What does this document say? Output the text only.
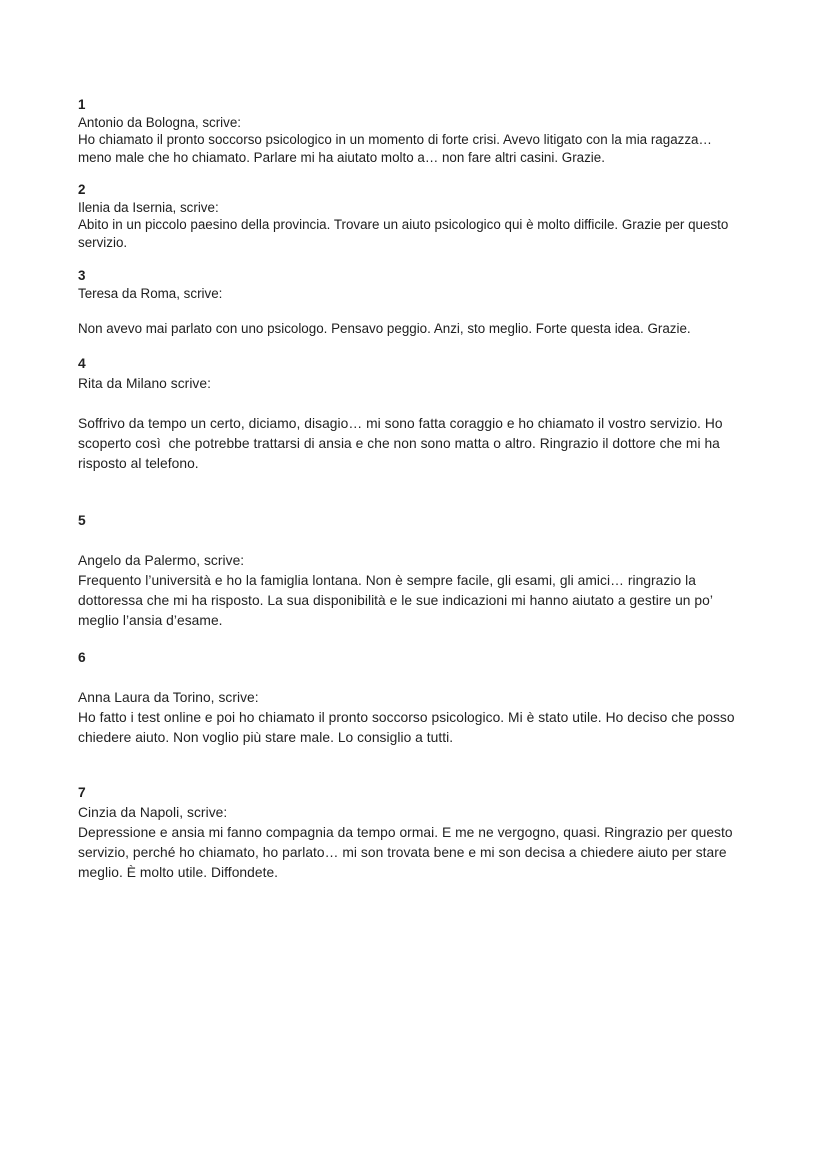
1

Antonio da Bologna, scrive:

Ho chiamato il pronto soccorso psicologico in un momento di forte crisi. Avevo litigato con la mia ragazza… meno male che ho chiamato. Parlare mi ha aiutato molto a… non fare altri casini. Grazie.

2

Ilenia da Isernia, scrive:

Abito in un piccolo paesino della provincia. Trovare un aiuto psicologico qui è molto difficile. Grazie per questo servizio.

3

Teresa da Roma, scrive:

Non avevo mai parlato con uno psicologo. Pensavo peggio. Anzi, sto meglio. Forte questa idea. Grazie.

4

Rita da Milano scrive:

Soffrivo da tempo un certo, diciamo, disagio… mi sono fatta coraggio e ho chiamato il vostro servizio. Ho scoperto così  che potrebbe trattarsi di ansia e che non sono matta o altro. Ringrazio il dottore che mi ha risposto al telefono.

5

Angelo da Palermo, scrive:

Frequento l’università e ho la famiglia lontana. Non è sempre facile, gli esami, gli amici… ringrazio la dottoressa che mi ha risposto. La sua disponibilità e le sue indicazioni mi hanno aiutato a gestire un po’ meglio l’ansia d’esame.

6

Anna Laura da Torino, scrive:

Ho fatto i test online e poi ho chiamato il pronto soccorso psicologico. Mi è stato utile. Ho deciso che posso chiedere aiuto. Non voglio più stare male. Lo consiglio a tutti.

7

Cinzia da Napoli, scrive:

Depressione e ansia mi fanno compagnia da tempo ormai. E me ne vergogno, quasi. Ringrazio per questo servizio, perché ho chiamato, ho parlato… mi son trovata bene e mi son decisa a chiedere aiuto per stare meglio. È molto utile. Diffondete.
